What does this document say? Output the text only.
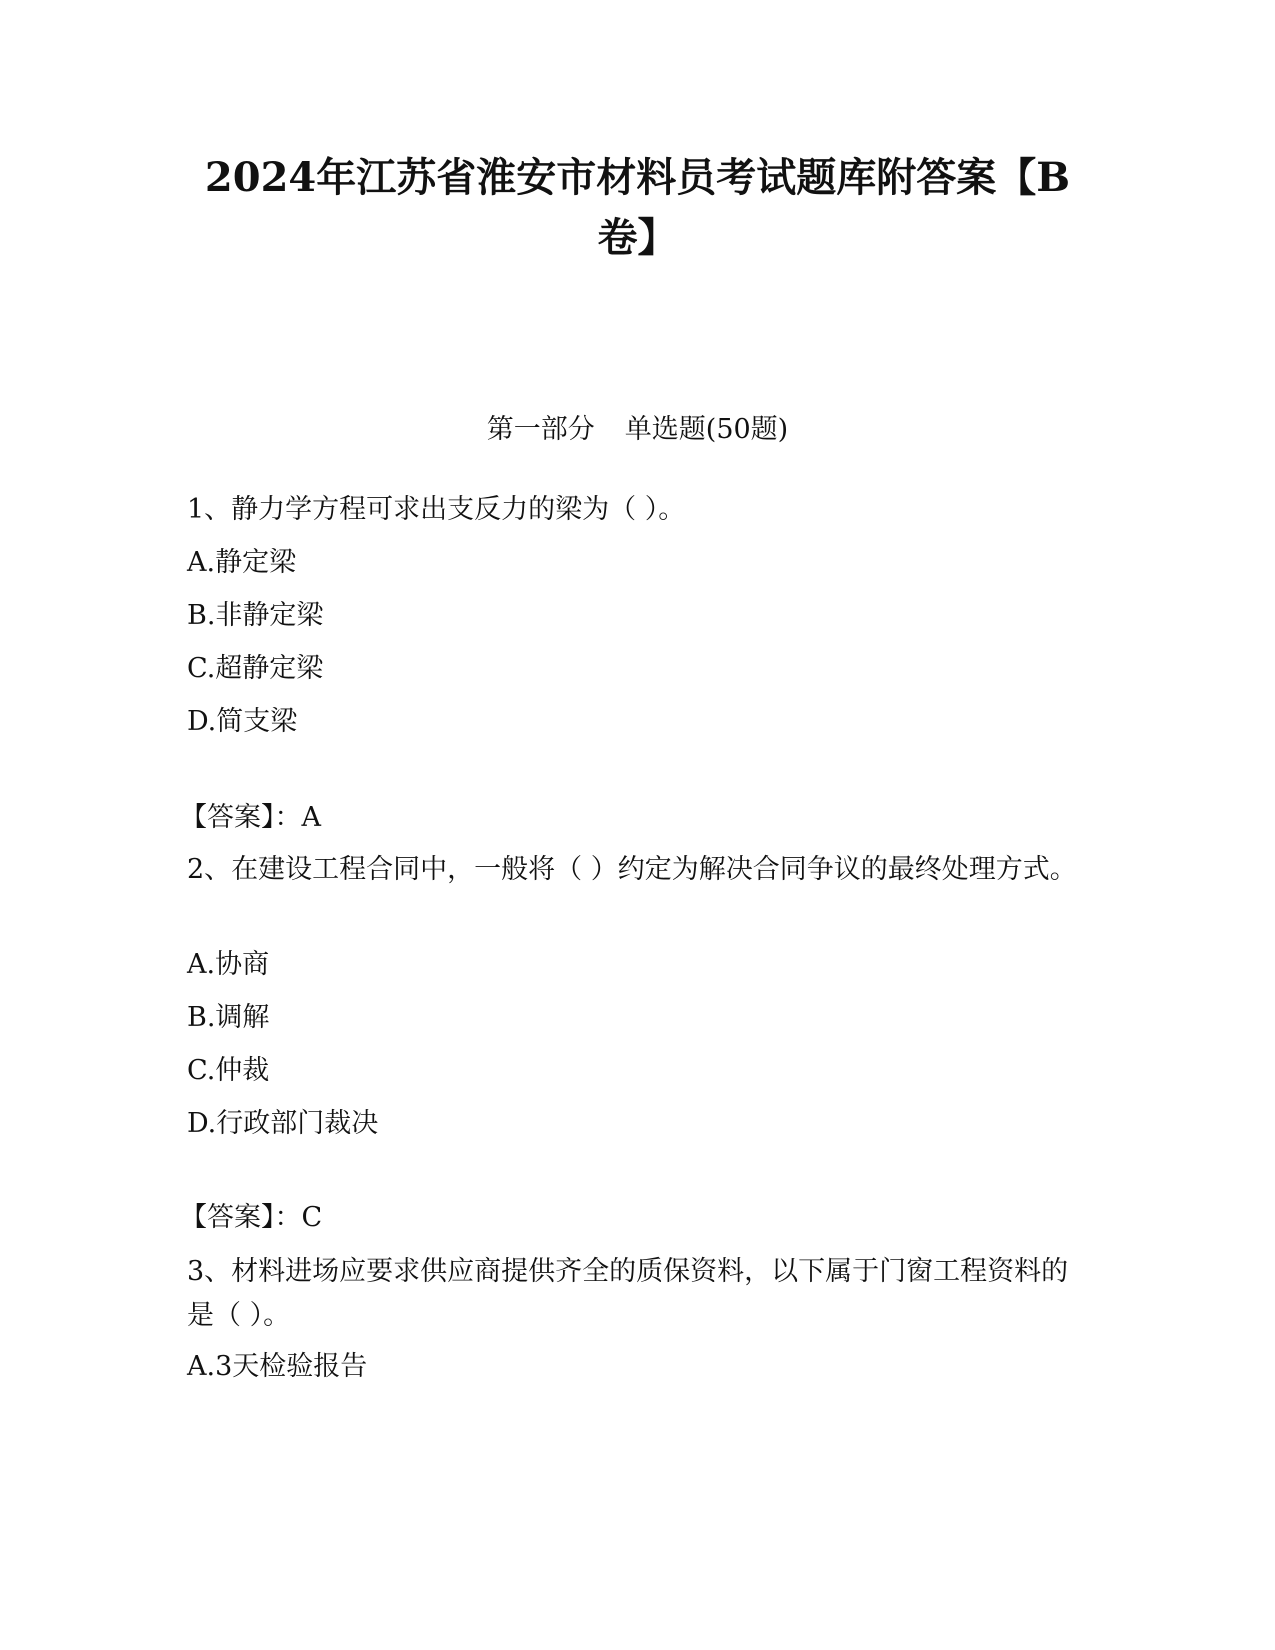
2024年江苏省淮安市材料员考试题库附答案【B卷】
第一部分 单选题(50题)
1、静力学方程可求出支反力的梁为（ ）。
A.静定梁
B.非静定梁
C.超静定梁
D.简支梁
【答案】：A
2、在建设工程合同中，一般将（ ）约定为解决合同争议的最终处理方式。
A.协商
B.调解
C.仲裁
D.行政部门裁决
【答案】：C
3、材料进场应要求供应商提供齐全的质保资料，以下属于门窗工程资料的是（ ）。
A.3天检验报告
